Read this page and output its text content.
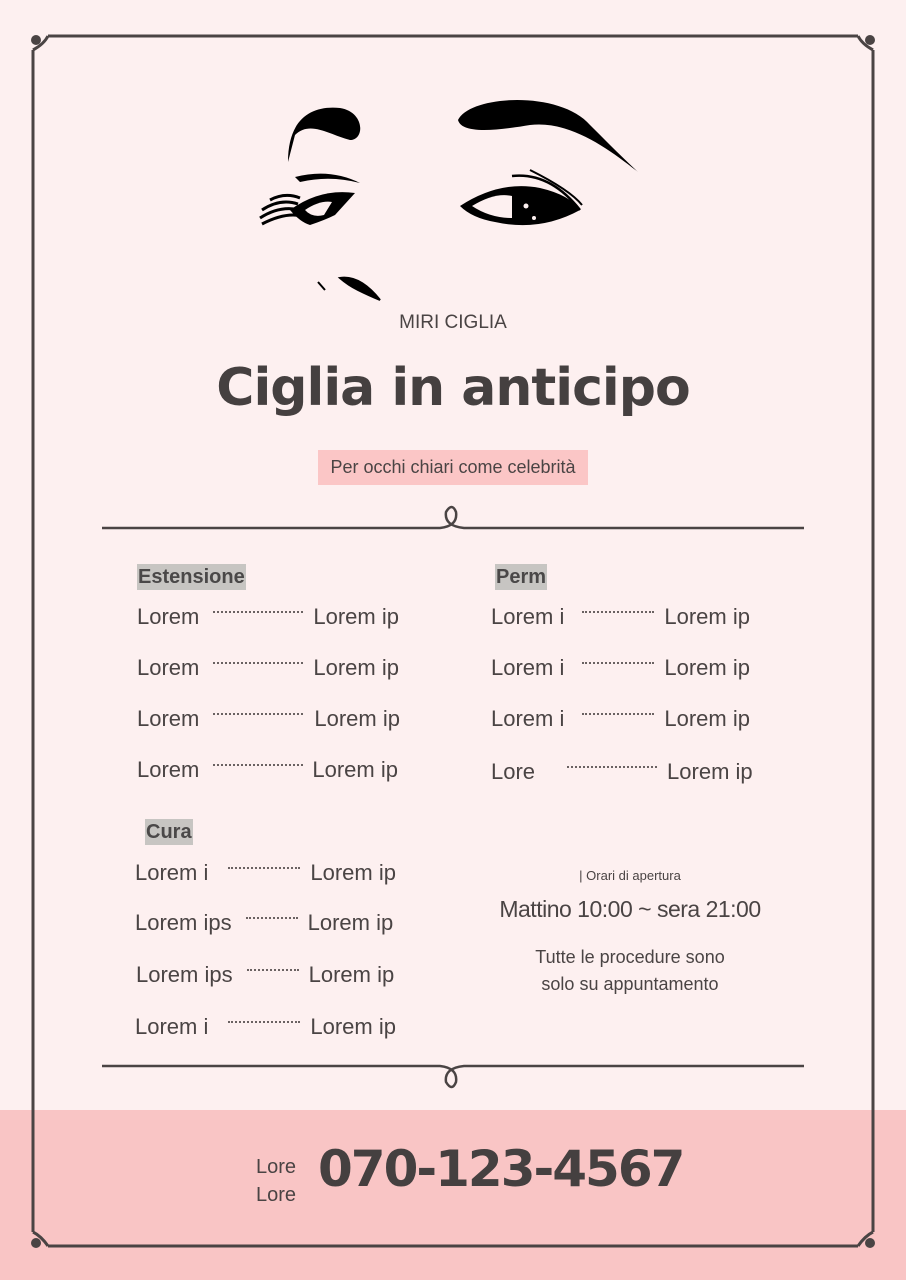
MIRI CIGLIA
Ciglia in anticipo
Per occhi chiari come celebrità
Estensione
Lorem	Lorem ip
Lorem	Lorem ip
Lorem	Lorem ip
Lorem	Lorem ip
Perm
Lorem i	Lorem ip
Lorem i	Lorem ip
Lorem i	Lorem ip
Lore	Lorem ip
Cura
Lorem i	Lorem ip
Lorem ips	Lorem ip
Lorem ips	Lorem ip
Lorem i	Lorem ip
| Orari di apertura
Mattino 10:00 ~ sera 21:00
Tutte le procedure sono
solo su appuntamento
Lore
Lore 070-123-4567
